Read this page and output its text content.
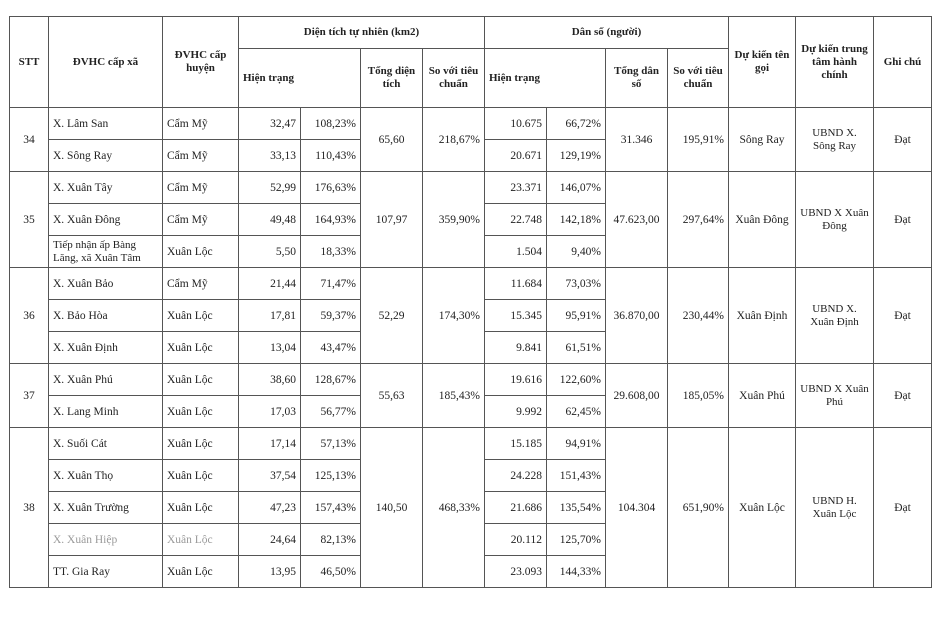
STT	ĐVHC cấp xã	ĐVHC cấp huyện	Diện tích tự nhiên (km2)				Dân số (người)				Dự kiến tên gọi	Dự kiến trung tâm hành chính	Ghi chú
			Hiện trạng		Tổng diện tích	So với tiêu chuẩn	Hiện trạng		Tổng dân số	So với tiêu chuẩn			
34	X. Lâm San	Cẩm Mỹ	32,47	108,23%	65,60	218,67%	10.675	66,72%	31.346	195,91%	Sông Ray	UBND X. Sông Ray	Đạt
	X. Sông Ray	Cẩm Mỹ	33,13	110,43%			20.671	129,19%					
35	X. Xuân Tây	Cẩm Mỹ	52,99	176,63%	107,97	359,90%	23.371	146,07%	47.623,00	297,64%	Xuân Đông	UBND X Xuân Đông	Đạt
	X. Xuân Đông	Cẩm Mỹ	49,48	164,93%			22.748	142,18%					
	Tiếp nhận ấp Bàng Lăng, xã Xuân Tâm	Xuân Lộc	5,50	18,33%			1.504	9,40%					
36	X. Xuân Bảo	Cẩm Mỹ	21,44	71,47%	52,29	174,30%	11.684	73,03%	36.870,00	230,44%	Xuân Định	UBND X. Xuân Định	Đạt
	X. Bảo Hòa	Xuân Lộc	17,81	59,37%			15.345	95,91%					
	X. Xuân Định	Xuân Lộc	13,04	43,47%			9.841	61,51%					
37	X. Xuân Phú	Xuân Lộc	38,60	128,67%	55,63	185,43%	19.616	122,60%	29.608,00	185,05%	Xuân Phú	UBND X Xuân Phú	Đạt
	X. Lang Minh	Xuân Lộc	17,03	56,77%			9.992	62,45%					
38	X. Suối Cát	Xuân Lộc	17,14	57,13%	140,50	468,33%	15.185	94,91%	104.304	651,90%	Xuân Lộc	UBND H. Xuân Lộc	Đạt
	X. Xuân Thọ	Xuân Lộc	37,54	125,13%			24.228	151,43%					
	X. Xuân Trường	Xuân Lộc	47,23	157,43%			21.686	135,54%					
	X. Xuân Hiệp	Xuân Lộc	24,64	82,13%			20.112	125,70%					
	TT. Gia Ray	Xuân Lộc	13,95	46,50%			23.093	144,33%					
